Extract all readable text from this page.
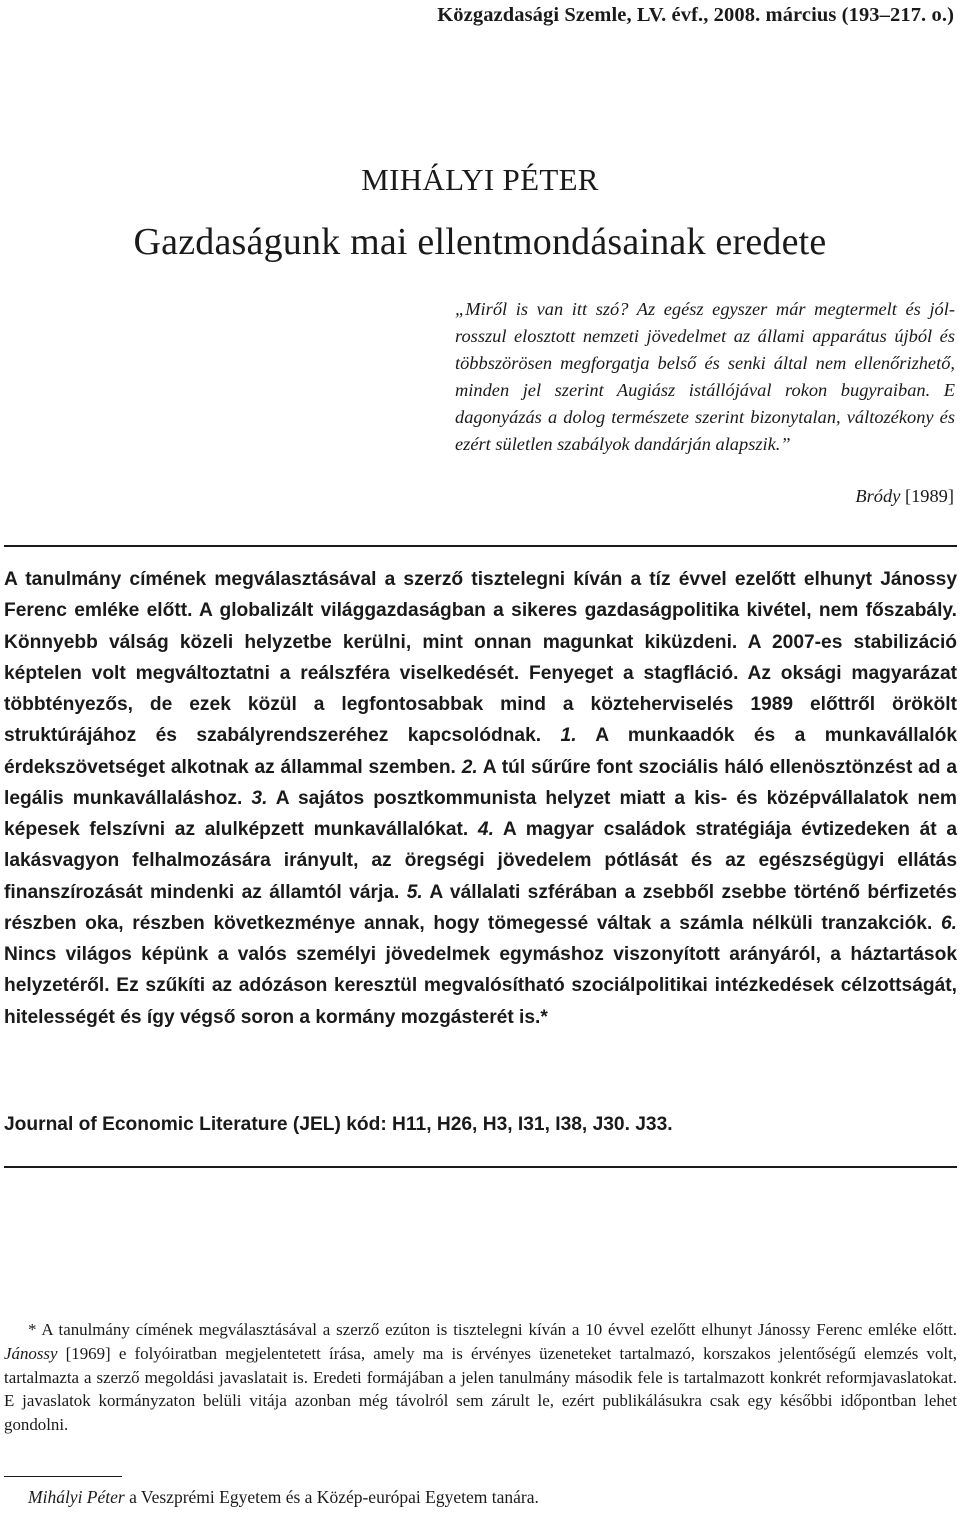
Közgazdasági Szemle, LV. évf., 2008. március (193–217. o.)
MIHÁLYI PÉTER
Gazdaságunk mai ellentmondásainak eredete
„Miről is van itt szó? Az egész egyszer már megtermelt és jól-rosszul elosztott nemzeti jövedelmet az állami apparátus újból és többszörösen megforgatja belső és senki által nem ellenőrizhető, minden jel szerint Augiász istállójával rokon bugyraiban. E dagonyázás a dolog természete szerint bizonytalan, változékony és ezért sületlen szabályok dandárján alapszik.”
Bródy [1989]

A tanulmány címének megválasztásával a szerző tisztelegni kíván a tíz évvel ezelőtt elhunyt Jánossy Ferenc emléke előtt. A globalizált világgazdaságban a sikeres gazdaságpolitika kivétel, nem főszabály. Könnyebb válság közeli helyzetbe kerülni, mint onnan magunkat kiküzdeni. A 2007-es stabilizáció képtelen volt megváltoztatni a reálszféra viselkedését. Fenyeget a stagfláció. Az oksági magyarázat többtényezős, de ezek közül a legfontosabbak mind a közteherviselés 1989 előttről örökölt struktúrájához és szabályrendszeréhez kapcsolódnak. 1. A munkaadók és a munkavállalók érdekszövetséget alkotnak az állammal szemben. 2. A túl sűrűre font szociális háló ellenösztönzést ad a legális munkavállaláshoz. 3. A sajátos posztkommunista helyzet miatt a kis- és középvállalatok nem képesek felszívni az alulképzett munkavállalókat. 4. A magyar családok stratégiája évtizedeken át a lakásvagyon felhalmozására irányult, az öregségi jövedelem pótlását és az egészségügyi ellátás finanszírozását mindenki az államtól várja. 5. A vállalati szférában a zsebből zsebbe történő bérfizetés részben oka, részben következménye annak, hogy tömegessé váltak a számla nélküli tranzakciók. 6. Nincs világos képünk a valós személyi jövedelmek egymáshoz viszonyított arányáról, a háztartások helyzetéről. Ez szűkíti az adózáson keresztül megvalósítható szociálpolitikai intézkedések célzottságát, hitelességét és így végső soron a kormány mozgásterét is.*

Journal of Economic Literature (JEL) kód: H11, H26, H3, I31, I38, J30. J33.

* A tanulmány címének megválasztásával a szerző ezúton is tisztelegni kíván a 10 évvel ezelőtt elhunyt Jánossy Ferenc emléke előtt. Jánossy [1969] e folyóiratban megjelentetett írása, amely ma is érvényes üzeneteket tartalmazó, korszakos jelentőségű elemzés volt, tartalmazta a szerző megoldási javaslatait is. Eredeti formájában a jelen tanulmány második fele is tartalmazott konkrét reformjavaslatokat. E javaslatok kormányzaton belüli vitája azonban még távolról sem zárult le, ezért publikálásukra csak egy későbbi időpontban lehet gondolni.

Mihályi Péter a Veszprémi Egyetem és a Közép-európai Egyetem tanára.
